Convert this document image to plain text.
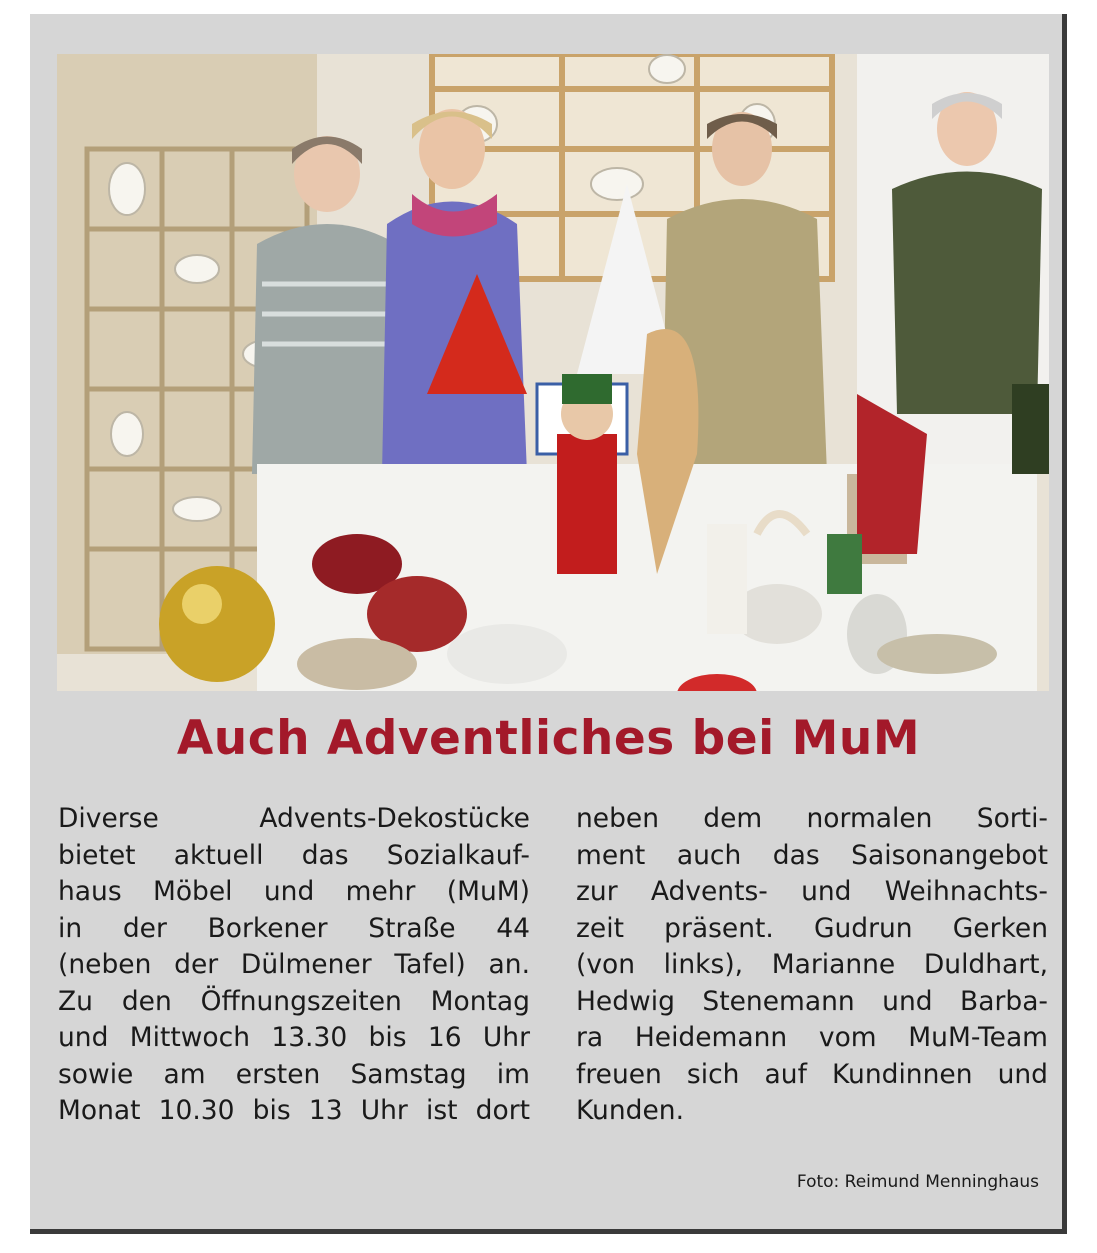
Auch Adventliches bei MuM
Diverse Advents-Dekostücke
bietet aktuell das Sozialkauf-
haus Möbel und mehr (MuM)
in der Borkener Straße 44
(neben der Dülmener Tafel) an.
Zu den Öffnungszeiten Montag
und Mittwoch 13.30 bis 16 Uhr
sowie am ersten Samstag im
Monat 10.30 bis 13 Uhr ist dort
neben dem normalen Sorti-
ment auch das Saisonangebot
zur Advents- und Weihnachts-
zeit präsent. Gudrun Gerken
(von links), Marianne Duldhart,
Hedwig Stenemann und Barba-
ra Heidemann vom MuM-Team
freuen sich auf Kundinnen und
Kunden.
Foto: Reimund Menninghaus
